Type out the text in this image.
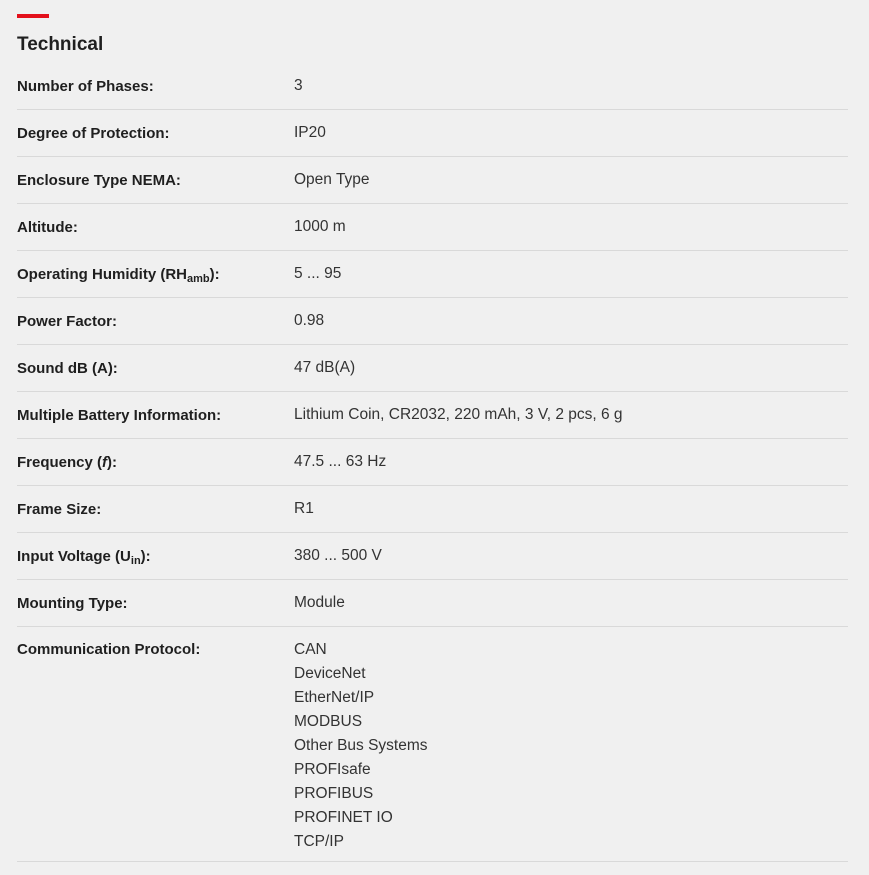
Technical
Number of Phases:	3
Degree of Protection:	IP20
Enclosure Type NEMA:	Open Type
Altitude:	1000 m
Operating Humidity $(RH_{amb})$:	5 ... 95
Power Factor:	0.98
Sound dB (A):	47 dB(A)
Multiple Battery Information:	Lithium Coin, CR2032, 220 mAh, 3 V, 2 pcs, 6 g
Frequency (f):	47.5 ... 63 Hz
Frame Size:	R1
Input Voltage $(U_{in})$:	380 ... 500 V
Mounting Type:	Module
Communication Protocol:	CAN
DeviceNet
EtherNet/IP
MODBUS
Other Bus Systems
PROFIsafe
PROFIBUS
PROFINET IO
TCP/IP
